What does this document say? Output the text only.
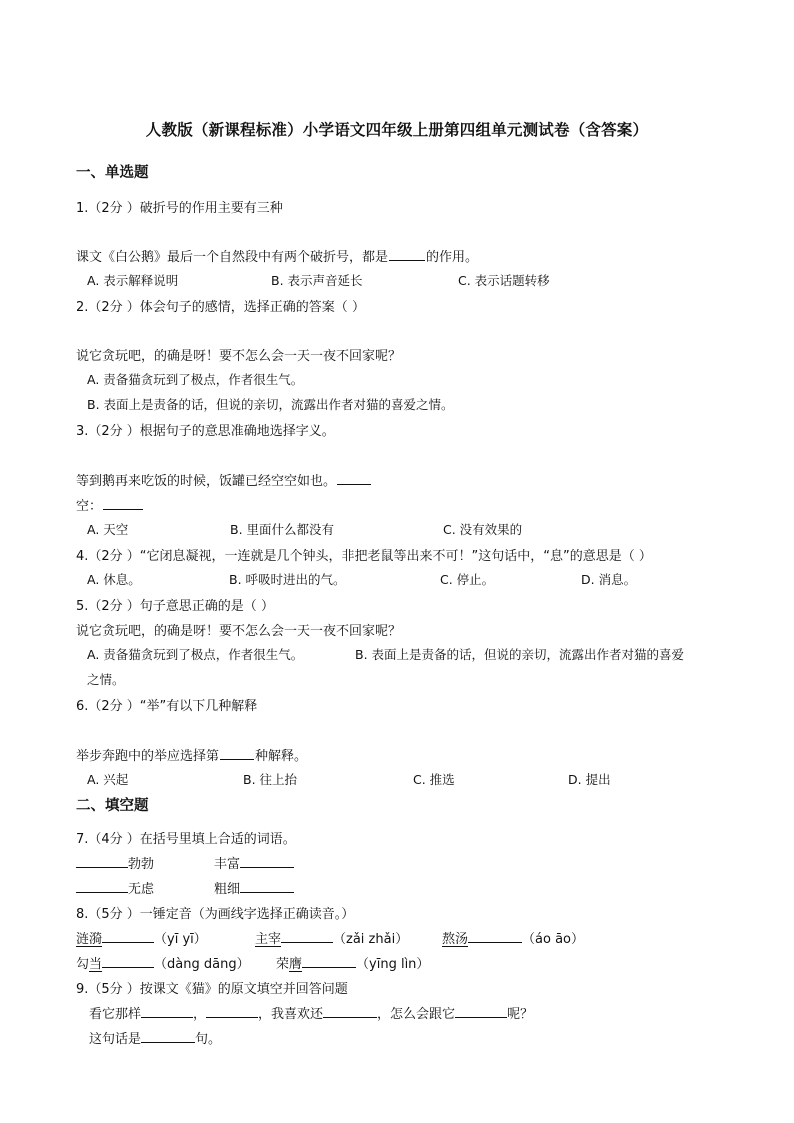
人教版（新课程标准）小学语文四年级上册第四组单元测试卷（含答案）
一、单选题
1.（2分 ）破折号的作用主要有三种
课文《白公鹅》最后一个自然段中有两个破折号，都是	的作用。
A. 表示解释说明	B. 表示声音延长	C. 表示话题转移
2.（2分 ）体会句子的感情，选择正确的答案（ ）
说它贪玩吧，的确是呀！要不怎么会一天一夜不回家呢？
A. 责备猫贪玩到了极点，作者很生气。
B. 表面上是责备的话，但说的亲切，流露出作者对猫的喜爱之情。
3.（2分 ）根据句子的意思准确地选择字义。
等到鹅再来吃饭的时候，饭罐已经空空如也。
空：
A. 天空	B. 里面什么都没有	C. 没有效果的
4.（2分 ）“它闭息凝视，一连就是几个钟头，非把老鼠等出来不可！”这句话中，“息”的意思是（ ）
A. 休息。	B. 呼吸时进出的气。	C. 停止。	D. 消息。
5.（2分 ）句子意思正确的是（ ）
说它贪玩吧，的确是呀！要不怎么会一天一夜不回家呢？
A. 责备猫贪玩到了极点，作者很生气。	B. 表面上是责备的话，但说的亲切，流露出作者对猫的喜爱
之情。
6.（2分 ）“举”有以下几种解释
举步奔跑中的举应选择第	种解释。
A. 兴起	B. 往上抬	C. 推选	D. 提出
二、填空题
7.（4分 ）在括号里填上合适的词语。
勃勃	丰富
无虑	粗细
8.（5分 ）一锤定音（为画线字选择正确读音。）
涟漪	（yī yī）	主宰	（zǎi zhǎi）	熬汤	（áo āo）
勾当	（dàng dāng） 荣膺	（yīng lìn）
9.（5分 ）按课文《猫》的原文填空并回答问题
看它那样	，	，我喜欢还	，怎么会跟它	呢？
这句话是	句。
